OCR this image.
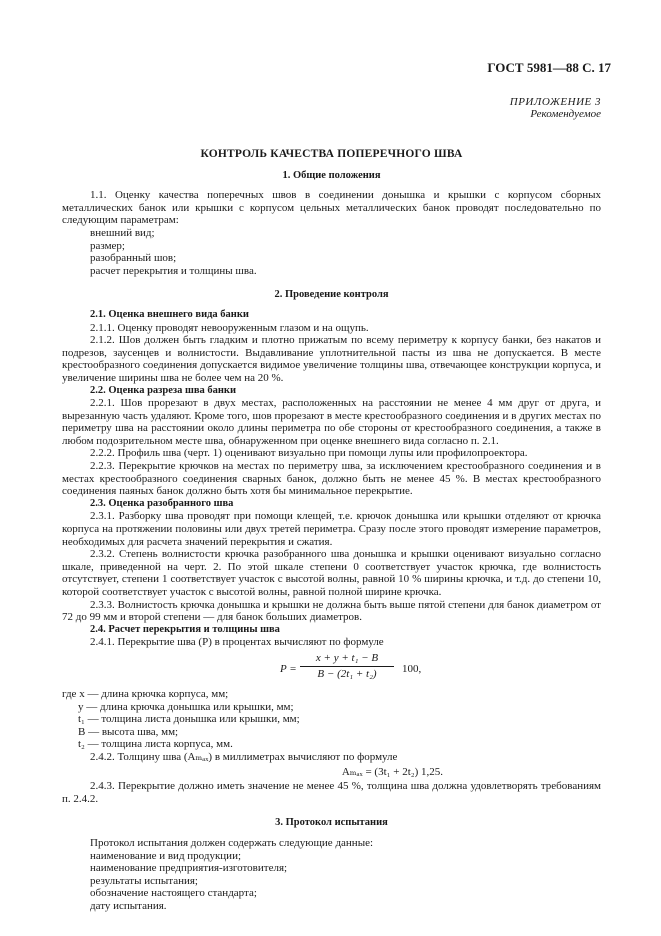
ГОСТ 5981—88 С. 17
ПРИЛОЖЕНИЕ 3
Рекомендуемое
КОНТРОЛЬ КАЧЕСТВА ПОПЕРЕЧНОГО ШВА
1. Общие положения

1.1. Оценку качества поперечных швов в соединении донышка и крышки с корпусом сборных металлических банок или крышки с корпусом цельных металлических банок проводят последовательно по следующим параметрам:

внешний вид;
размер;
разобранный шов;
расчет перекрытия и толщины шва.
2. Проведение контроля
2.1. Оценка внешнего вида банки

2.1.1. Оценку проводят невооруженным глазом и на ощупь.

2.1.2. Шов должен быть гладким и плотно прижатым по всему периметру к корпусу банки, без накатов и подрезов, заусенцев и волнистости. Выдавливание уплотнительной пасты из шва не допускается. В месте крестообразного соединения допускается видимое увеличение толщины шва, отвечающее конструкции корпуса, и увеличение ширины шва не более чем на 20 %.

2.2. Оценка разреза шва банки

2.2.1. Шов прорезают в двух местах, расположенных на расстоянии не менее 4 мм друг от друга, и вырезанную часть удаляют. Кроме того, шов прорезают в месте крестообразного соединения и в других местах по периметру шва на расстоянии около длины периметра по обе стороны от крестообразного соединения, а также в любом подозрительном месте шва, обнаруженном при оценке внешнего вида согласно п. 2.1.

2.2.2. Профиль шва (черт. 1) оценивают визуально при помощи лупы или профилопроектора.

2.2.3. Перекрытие крючков на местах по периметру шва, за исключением крестообразного соединения и в местах крестообразного соединения сварных банок, должно быть не менее 45 %. В местах крестообразного соединения паяных банок должно быть хотя бы минимальное перекрытие.

2.3. Оценка разобранного шва

2.3.1. Разборку шва проводят при помощи клещей, т.е. крючок донышка или крышки отделяют от крючка корпуса на протяжении половины или двух третей периметра. Сразу после этого проводят измерение параметров, необходимых для расчета значений перекрытия и сжатия.

2.3.2. Степень волнистости крючка разобранного шва донышка и крышки оценивают визуально согласно шкале, приведенной на черт. 2. По этой шкале степени 0 соответствует участок крючка, где волнистость отсутствует, степени 1 соответствует участок с высотой волны, равной 10 % ширины крючка, и т.д. до степени 10, которой соответствует участок с высотой волны, равной полной ширине крючка.

2.3.3. Волнистость крючка донышка и крышки не должна быть выше пятой степени для банок диаметром от 72 до 99 мм и второй степени — для банок больших диаметров.

2.4. Расчет перекрытия и толщины шва

2.4.1. Перекрытие шва (P) в процентах вычисляют по формуле

$P = \frac{\text{x + y + t₁ − B}}{\text{B − (2t₁ + t₂)}} 100$,
где x — длина крючка корпуса, мм;
y — длина крючка донышка или крышки, мм;
t₁ — толщина листа донышка или крышки, мм;
B — высота шва, мм;
t₂ — толщина листа корпуса, мм.

2.4.2. Толщину шва (Aₘₐₓ) в миллиметрах вычисляют по формуле

Aₘₐₓ = (3t₁ + 2t₂) 1,25.

2.4.3. Перекрытие должно иметь значение не менее 45 %, толщина шва должна удовлетворять требованиям п. 2.4.2.

3. Протокол испытания
Протокол испытания должен содержать следующие данные:
наименование и вид продукции;
наименование предприятия-изготовителя;
результаты испытания;
обозначение настоящего стандарта;
дату испытания.
